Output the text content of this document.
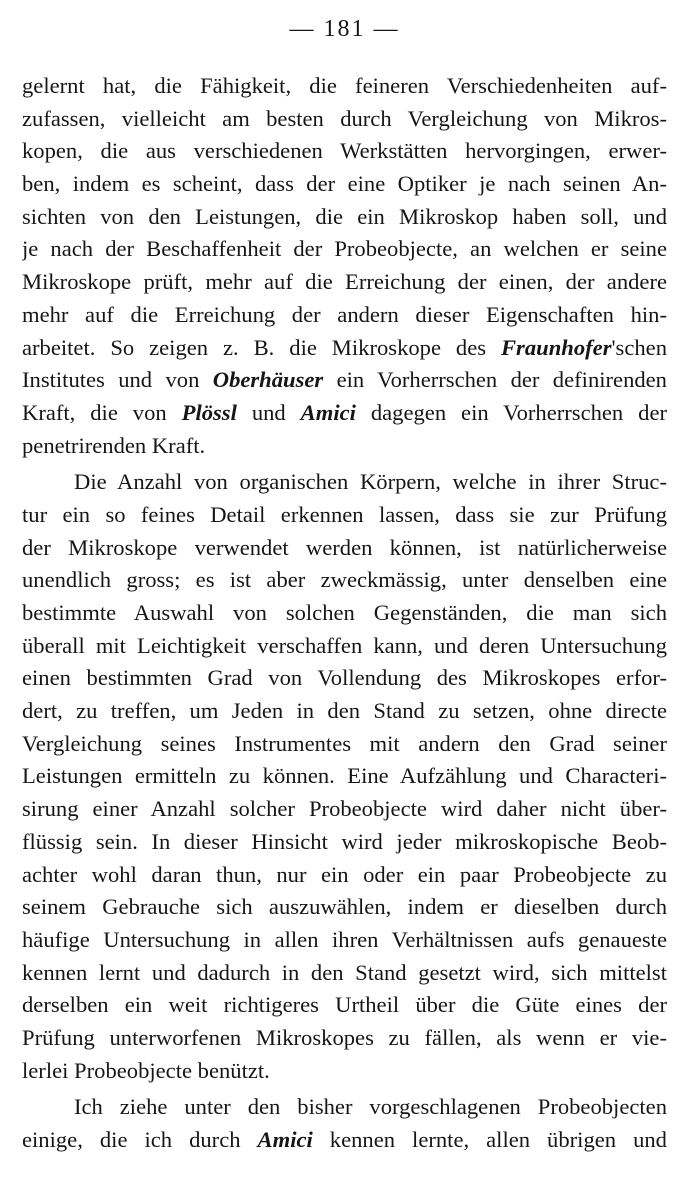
— 181 —
gelernt hat, die Fähigkeit, die feineren Verschiedenheiten auf-
zufassen, vielleicht am besten durch Vergleichung von Mikros-
kopen, die aus verschiedenen Werkstätten hervorgingen, erwer-
ben, indem es scheint, dass der eine Optiker je nach seinen An-
sichten von den Leistungen, die ein Mikroskop haben soll, und
je nach der Beschaffenheit der Probeobjecte, an welchen er seine
Mikroskope prüft, mehr auf die Erreichung der einen, der andere
mehr auf die Erreichung der andern dieser Eigenschaften hin-
arbeitet. So zeigen z. B. die Mikroskope des Fraunhofer'schen
Institutes und von Oberhäuser ein Vorherrschen der definirenden
Kraft, die von Plössl und Amici dagegen ein Vorherrschen der
penetrirenden Kraft.
Die Anzahl von organischen Körpern, welche in ihrer Struc-
tur ein so feines Detail erkennen lassen, dass sie zur Prüfung
der Mikroskope verwendet werden können, ist natürlicherweise
unendlich gross; es ist aber zweckmässig, unter denselben eine
bestimmte Auswahl von solchen Gegenständen, die man sich
überall mit Leichtigkeit verschaffen kann, und deren Untersuchung
einen bestimmten Grad von Vollendung des Mikroskopes erfor-
dert, zu treffen, um Jeden in den Stand zu setzen, ohne directe
Vergleichung seines Instrumentes mit andern den Grad seiner
Leistungen ermitteln zu können. Eine Aufzählung und Characteri-
sirung einer Anzahl solcher Probeobjecte wird daher nicht über-
flüssig sein. In dieser Hinsicht wird jeder mikroskopische Beob-
achter wohl daran thun, nur ein oder ein paar Probeobjecte zu
seinem Gebrauche sich auszuwählen, indem er dieselben durch
häufige Untersuchung in allen ihren Verhältnissen aufs genaueste
kennen lernt und dadurch in den Stand gesetzt wird, sich mittelst
derselben ein weit richtigeres Urtheil über die Güte eines der
Prüfung unterworfenen Mikroskopes zu fällen, als wenn er vie-
lerlei Probeobjecte benützt.
Ich ziehe unter den bisher vorgeschlagenen Probeobjecten
einige, die ich durch Amici kennen lernte, allen übrigen und
